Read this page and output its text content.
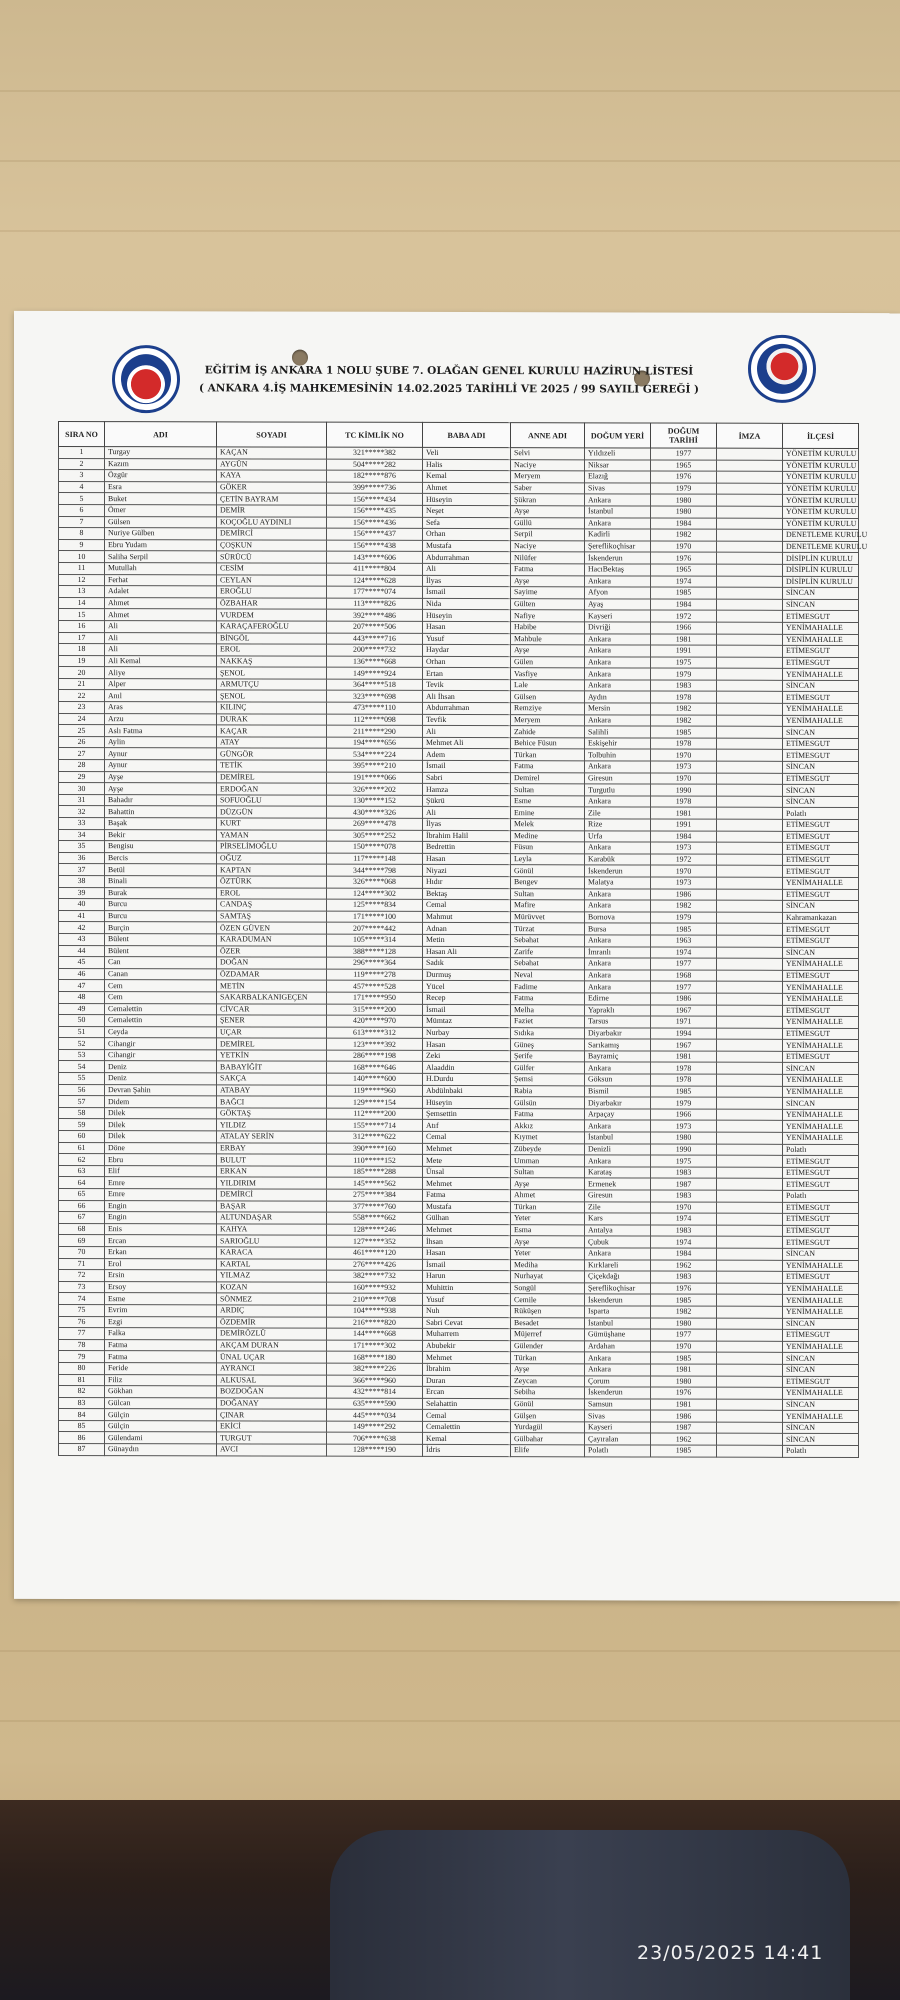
EĞİTİM İŞ ANKARA 1 NOLU ŞUBE 7. OLAĞAN GENEL KURULU HAZİRUN LİSTESİ
( ANKARA 4.İŞ MAHKEMESİNİN 14.02.2025 TARİHLİ VE 2025 / 99 SAYILI GEREĞİ )
SIRA NO	ADI	SOYADI	TC KİMLİK NO	BABA ADI	ANNE ADI	DOĞUM YERİ	DOĞUM TARİHİ	İMZA	İLÇESİ
1	Turgay	KAÇAN	321*****382	Veli	Selvi	Yıldızeli	1977		YÖNETİM KURULU
2	Kazım	AYGÜN	504*****282	Halis	Naciye	Niksar	1965		YÖNETİM KURULU
3	Özgür	KAYA	182*****876	Kemal	Meryem	Elazığ	1976		YÖNETİM KURULU
4	Esra	GÖKER	399*****736	Ahmet	Saber	Sivas	1979		YÖNETİM KURULU
5	Buket	ÇETİN BAYRAM	156*****434	Hüseyin	Şükran	Ankara	1980		YÖNETİM KURULU
6	Ömer	DEMİR	156*****435	Neşet	Ayşe	İstanbul	1980		YÖNETİM KURULU
7	Gülsen	KOÇOĞLU AYDINLI	156*****436	Sefa	Güllü	Ankara	1984		YÖNETİM KURULU
8	Nuriye Gülben	DEMİRCİ	156*****437	Orhan	Serpil	Kadirli	1982		DENETLEME KURULU
9	Ebru Yudam	ÇOŞKUN	156*****438	Mustafa	Naciye	Şereflikoçhisar	1970		DENETLEME KURULU
10	Saliha Serpil	SÜRÜCÜ	143*****606	Abdurrahman	Nilüfer	İskenderun	1976		DİSİPLİN KURULU
11	Mutullah	CESİM	411*****804	Ali	Fatma	HacıBektaş	1965		DİSİPLİN KURULU
12	Ferhat	CEYLAN	124*****628	İlyas	Ayşe	Ankara	1974		DİSİPLİN KURULU
13	Adalet	EROĞLU	177*****074	İsmail	Sayime	Afyon	1985		SİNCAN
14	Ahmet	ÖZBAHAR	113*****826	Nida	Gülten	Ayaş	1984		SİNCAN
15	Ahmet	VURDEM	392*****486	Hüseyin	Nafiye	Kayseri	1972		ETİMESGUT
16	Ali	KARAÇAFEROĞLU	207*****506	Hasan	Habibe	Divriği	1966		YENİMAHALLE
17	Ali	BİNGÖL	443*****716	Yusuf	Mahbule	Ankara	1981		YENİMAHALLE
18	Ali	EROL	200*****732	Haydar	Ayşe	Ankara	1991		ETİMESGUT
19	Ali Kemal	NAKKAŞ	136*****668	Orhan	Gülen	Ankara	1975		ETİMESGUT
20	Aliye	ŞENOL	149*****924	Ertan	Vasfiye	Ankara	1979		YENİMAHALLE
21	Alper	ARMUTÇU	364*****518	Tevik	Lale	Ankara	1983		SİNCAN
22	Anıl	ŞENOL	323*****698	Ali İhsan	Gülsen	Aydın	1978		ETİMESGUT
23	Aras	KILINÇ	473*****110	Abdurrahman	Remziye	Mersin	1982		YENİMAHALLE
24	Arzu	DURAK	112*****098	Tevfik	Meryem	Ankara	1982		YENİMAHALLE
25	Aslı Fatma	KAÇAR	211*****290	Ali	Zahide	Salihli	1985		SİNCAN
26	Aylin	ATAY	194*****656	Mehmet Ali	Behice Füsun	Eskişehir	1978		ETİMESGUT
27	Aynur	GÜNGÖR	534*****224	Adem	Türkan	Tolbuhin	1970		ETİMESGUT
28	Aynur	TETİK	395*****210	İsmail	Fatma	Ankara	1973		SİNCAN
29	Ayşe	DEMİREL	191*****066	Sabri	Demirel	Giresun	1970		ETİMESGUT
30	Ayşe	ERDOĞAN	326*****202	Hamza	Sultan	Turgutlu	1990		SİNCAN
31	Bahadır	SOFUOĞLU	130*****152	Şükrü	Esme	Ankara	1978		SİNCAN
32	Bahattin	DÜZGÜN	430*****326	Ali	Emine	Zile	1981		Polatlı
33	Başak	KURT	269*****478	İlyas	Melek	Rize	1991		ETİMESGUT
34	Bekir	YAMAN	305*****252	İbrahim Halil	Medine	Urfa	1984		ETİMESGUT
35	Bengisu	PİRSELİMOĞLU	150*****078	Bedrettin	Füsun	Ankara	1973		ETİMESGUT
36	Bercis	OĞUZ	117*****148	Hasan	Leyla	Karabük	1972		ETİMESGUT
37	Betül	KAPTAN	344*****798	Niyazi	Gönül	İskenderun	1970		ETİMESGUT
38	Binali	ÖZTÜRK	326*****068	Hıdır	Bengev	Malatya	1973		YENİMAHALLE
39	Burak	EROL	124*****302	Bektaş	Sultan	Ankara	1986		ETİMESGUT
40	Burcu	CANDAŞ	125*****834	Cemal	Mafire	Ankara	1982		SİNCAN
41	Burcu	SAMTAŞ	171*****100	Mahmut	Mürüvvet	Bornova	1979		Kahramankazan
42	Burçin	ÖZEN GÜVEN	207*****442	Adnan	Türzat	Bursa	1985		ETİMESGUT
43	Bülent	KARADUMAN	105*****314	Metin	Sebahat	Ankara	1963		ETİMESGUT
44	Bülent	ÖZER	388*****128	Hasan Ali	Zarife	İmranlı	1974		SİNCAN
45	Can	DOĞAN	296*****364	Sadık	Sebahat	Ankara	1977		YENİMAHALLE
46	Canan	ÖZDAMAR	119*****278	Durmuş	Neval	Ankara	1968		ETİMESGUT
47	Cem	METİN	457*****528	Yücel	Fadime	Ankara	1977		YENİMAHALLE
48	Cem	SAKARBALKANIGEÇEN	171*****950	Recep	Fatma	Edirne	1986		YENİMAHALLE
49	Cemalettin	CİVCAR	315*****200	İsmail	Melha	Yapraklı	1967		ETİMESGUT
50	Cemalettin	ŞENER	420*****970	Mümtaz	Faziet	Tarsus	1971		YENİMAHALLE
51	Ceyda	UÇAR	613*****312	Nurbay	Sıdıka	Diyarbakır	1994		ETİMESGUT
52	Cihangir	DEMİREL	123*****392	Hasan	Güneş	Sarıkamış	1967		YENİMAHALLE
53	Cihangir	YETKİN	286*****198	Zeki	Şerife	Bayramiç	1981		ETİMESGUT
54	Deniz	BABAYİĞİT	168*****646	Alaaddin	Gülfer	Ankara	1978		SİNCAN
55	Deniz	SAKÇA	140*****600	H.Durdu	Şemsi	Göksun	1978		YENİMAHALLE
56	Devran Şahin	ATABAY	119*****960	Abdülnbaki	Rabia	Bismil	1985		YENİMAHALLE
57	Didem	BAĞCI	129*****154	Hüseyin	Gülsün	Diyarbakır	1979		SİNCAN
58	Dilek	GÖKTAŞ	112*****200	Şemsettin	Fatma	Arpaçay	1966		YENİMAHALLE
59	Dilek	YILDIZ	155*****714	Atıf	Akkız	Ankara	1973		YENİMAHALLE
60	Dilek	ATALAY SERİN	312*****622	Cemal	Kıymet	İstanbul	1980		YENİMAHALLE
61	Döne	ERBAY	390*****160	Mehmet	Zübeyde	Denizli	1990		Polatlı
62	Ebru	BULUT	110*****152	Mete	Umman	Ankara	1975		ETİMESGUT
63	Elif	ERKAN	185*****288	Ünsal	Sultan	Karataş	1983		ETİMESGUT
64	Emre	YILDIRIM	145*****562	Mehmet	Ayşe	Ermenek	1987		ETİMESGUT
65	Emre	DEMİRCİ	275*****384	Fatma	Ahmet	Giresun	1983		Polatlı
66	Engin	BAŞAR	377*****760	Mustafa	Türkan	Zile	1970		ETİMESGUT
67	Engin	ALTUNDAŞAR	558*****662	Gülhan	Yeter	Kars	1974		ETİMESGUT
68	Enis	KAHYA	128*****246	Mehmet	Esma	Antalya	1983		ETİMESGUT
69	Ercan	SARIOĞLU	127*****352	İhsan	Ayşe	Çubuk	1974		ETİMESGUT
70	Erkan	KARACA	461*****120	Hasan	Yeter	Ankara	1984		SİNCAN
71	Erol	KARTAL	276*****426	İsmail	Mediha	Kırklareli	1962		YENİMAHALLE
72	Ersin	YILMAZ	382*****732	Harun	Nurhayat	Çiçekdağı	1983		ETİMESGUT
73	Ersoy	KOZAN	160*****932	Muhittin	Songül	Şereflikoçhisar	1976		YENİMAHALLE
74	Esme	SÖNMEZ	210*****708	Yusuf	Cemile	İskenderun	1985		YENİMAHALLE
75	Evrim	ARDIÇ	104*****938	Nuh	Rüküşen	Isparta	1982		YENİMAHALLE
76	Ezgi	ÖZDEMİR	216*****820	Sabri Cevat	Besadet	İstanbul	1980		SİNCAN
77	Falka	DEMİRÖZLÜ	144*****668	Muharrem	Müjerref	Gümüşhane	1977		ETİMESGUT
78	Fatma	AKÇAM DURAN	171*****302	Abubekir	Gülender	Ardahan	1970		YENİMAHALLE
79	Fatma	ÜNAL UÇAR	168*****180	Mehmet	Türkan	Ankara	1985		SİNCAN
80	Feride	AYRANCI	382*****226	İbrahim	Ayşe	Ankara	1981		SİNCAN
81	Filiz	ALKUSAL	366*****960	Duran	Zeycan	Çorum	1980		ETİMESGUT
82	Gökhan	BOZDOĞAN	432*****814	Ercan	Sebiha	İskenderun	1976		YENİMAHALLE
83	Gülcan	DOĞANAY	635*****590	Selahattin	Gönül	Samsun	1981		SİNCAN
84	Gülçin	ÇINAR	445*****034	Cemal	Gülşen	Sivas	1986		YENİMAHALLE
85	Gülçin	EKİCİ	149*****292	Cemalettin	Yurdagül	Kayseri	1987		SİNCAN
86	Gülendami	TURGUT	706*****638	Kemal	Gülbahar	Çayıralan	1962		SİNCAN
87	Günaydın	AVCI	128*****190	İdris	Elife	Polatlı	1985		Polatlı
23/05/2025 14:41
